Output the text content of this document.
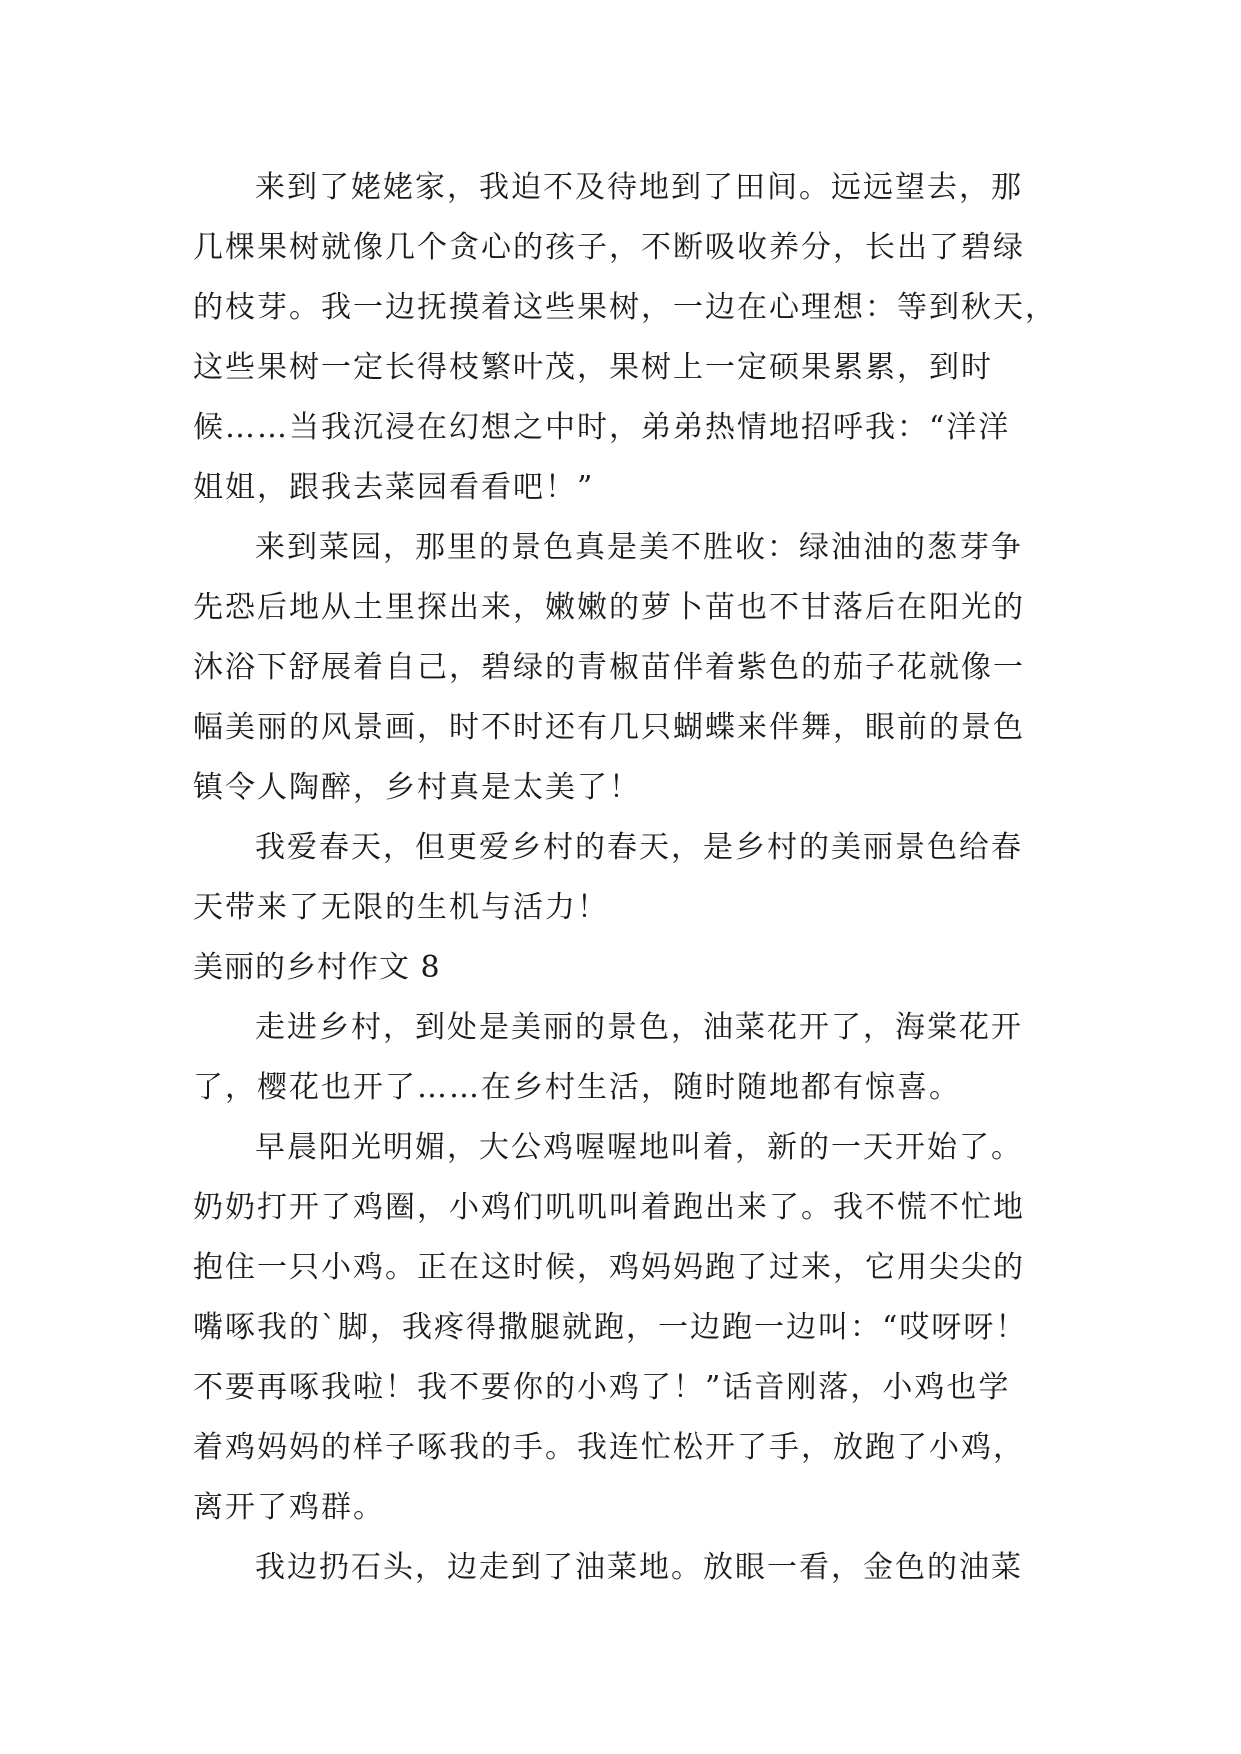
来到了姥姥家，我迫不及待地到了田间。远远望去，那
几棵果树就像几个贪心的孩子，不断吸收养分，长出了碧绿
的枝芽。我一边抚摸着这些果树，一边在心理想：等到秋天，
这些果树一定长得枝繁叶茂，果树上一定硕果累累，到时
候……当我沉浸在幻想之中时，弟弟热情地招呼我：“洋洋
姐姐，跟我去菜园看看吧！”
来到菜园，那里的景色真是美不胜收：绿油油的葱芽争
先恐后地从土里探出来，嫩嫩的萝卜苗也不甘落后在阳光的
沐浴下舒展着自己，碧绿的青椒苗伴着紫色的茄子花就像一
幅美丽的风景画，时不时还有几只蝴蝶来伴舞，眼前的景色
镇令人陶醉，乡村真是太美了！
我爱春天，但更爱乡村的春天，是乡村的美丽景色给春
天带来了无限的生机与活力！
美丽的乡村作文 8
走进乡村，到处是美丽的景色，油菜花开了，海棠花开
了，樱花也开了……在乡村生活，随时随地都有惊喜。
早晨阳光明媚，大公鸡喔喔地叫着，新的一天开始了。
奶奶打开了鸡圈，小鸡们叽叽叫着跑出来了。我不慌不忙地
抱住一只小鸡。正在这时候，鸡妈妈跑了过来，它用尖尖的
嘴啄我的`脚，我疼得撒腿就跑，一边跑一边叫：“哎呀呀！
不要再啄我啦！我不要你的小鸡了！”话音刚落，小鸡也学
着鸡妈妈的样子啄我的手。我连忙松开了手，放跑了小鸡，
离开了鸡群。
我边扔石头，边走到了油菜地。放眼一看，金色的油菜
